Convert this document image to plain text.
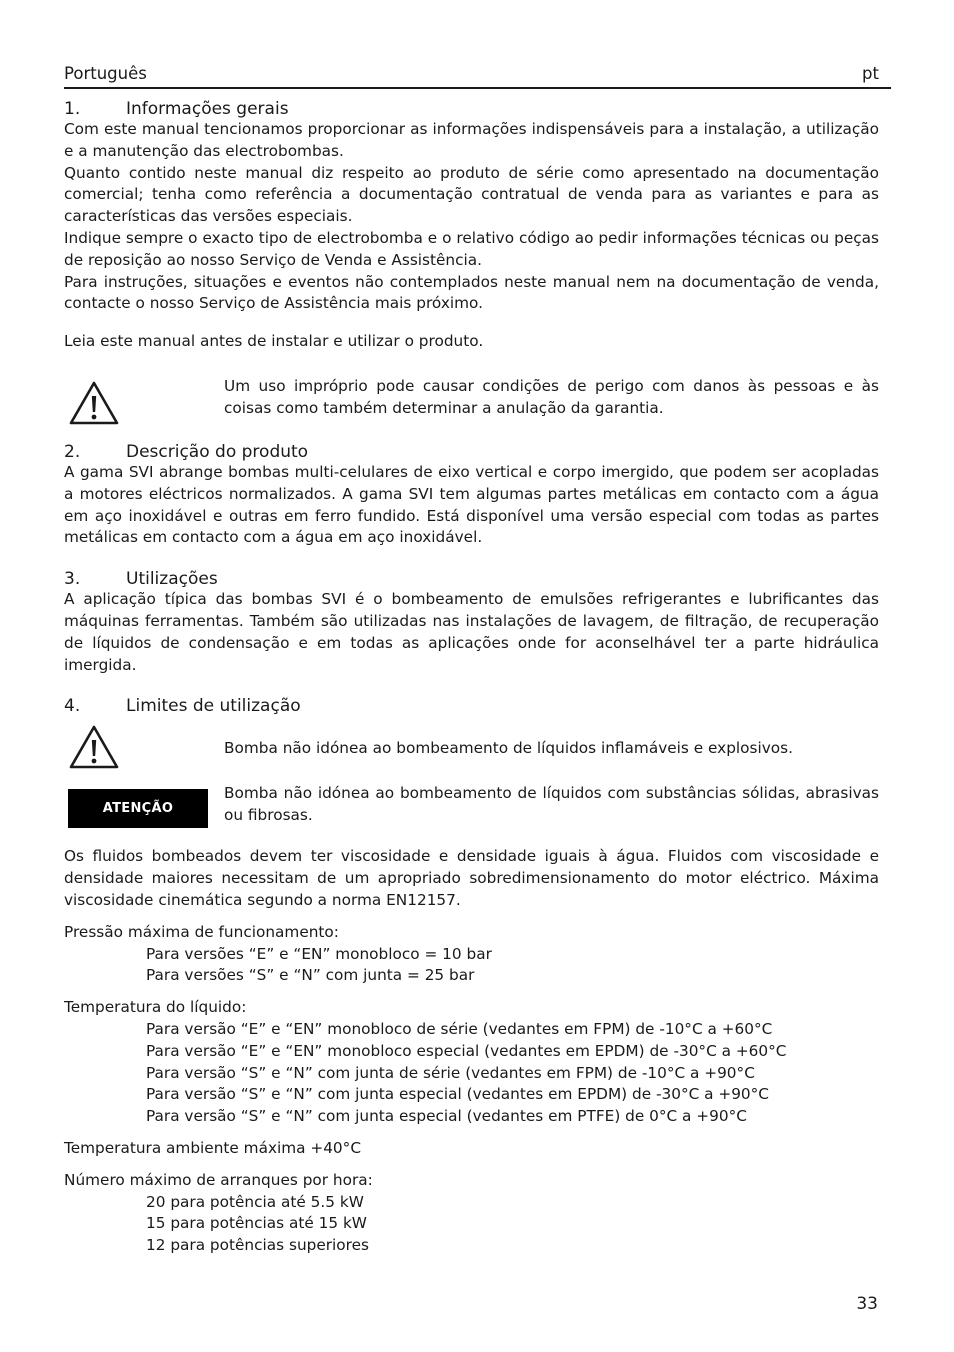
Português	pt
1.	Informações gerais

Com este manual tencionamos proporcionar as informações indispensáveis para a instalação, a utilização e a manutenção das electrobombas.

Quanto contido neste manual diz respeito ao produto de série como apresentado na documentação comercial; tenha como referência a documentação contratual de venda para as variantes e para as características das versões especiais.

Indique sempre o exacto tipo de electrobomba e o relativo código ao pedir informações técnicas ou peças de reposição ao nosso Serviço de Venda e Assistência.

Para instruções, situações e eventos não contemplados neste manual nem na documentação de venda, contacte o nosso Serviço de Assistência mais próximo.

Leia este manual antes de instalar e utilizar o produto.

Um uso impróprio pode causar condições de perigo com danos às pessoas e às coisas como também determinar a anulação da garantia.

2.	Descrição do produto

A gama SVI abrange bombas multi-celulares de eixo vertical e corpo imergido, que podem ser acopladas a motores eléctricos normalizados. A gama SVI tem algumas partes metálicas em contacto com a água em aço inoxidável e outras em ferro fundido. Está disponível uma versão especial com todas as partes metálicas em contacto com a água em aço inoxidável.

3.	Utilizações

A aplicação típica das bombas SVI é o bombeamento de emulsões refrigerantes e lubrificantes das máquinas ferramentas. Também são utilizadas nas instalações de lavagem, de filtração, de recuperação de líquidos de condensação e em todas as aplicações onde for aconselhável ter a parte hidráulica imergida.

4.	Limites de utilização

Bomba não idónea ao bombeamento de líquidos inflamáveis e explosivos.

ATENÇÃO

Bomba não idónea ao bombeamento de líquidos com substâncias sólidas, abrasivas ou fibrosas.

Os fluidos bombeados devem ter viscosidade e densidade iguais à água. Fluidos com viscosidade e densidade maiores necessitam de um apropriado sobredimensionamento do motor eléctrico. Máxima viscosidade cinemática segundo a norma EN12157.

Pressão máxima de funcionamento:

Para versões “E” e “EN” monobloco = 10 bar

Para versões “S” e “N” com junta = 25 bar

Temperatura do líquido:

Para versão “E” e “EN” monobloco de série (vedantes em FPM) de -10°C a +60°C

Para versão “E” e “EN” monobloco especial (vedantes em EPDM) de -30°C a +60°C

Para versão “S” e “N” com junta de série (vedantes em FPM) de -10°C a +90°C

Para versão “S” e “N” com junta especial (vedantes em EPDM) de -30°C a +90°C

Para versão “S” e “N” com junta especial (vedantes em PTFE) de 0°C a +90°C

Temperatura ambiente máxima +40°C

Número máximo de arranques por hora:

20 para potência até 5.5 kW

15 para potências até 15 kW

12 para potências superiores

33
